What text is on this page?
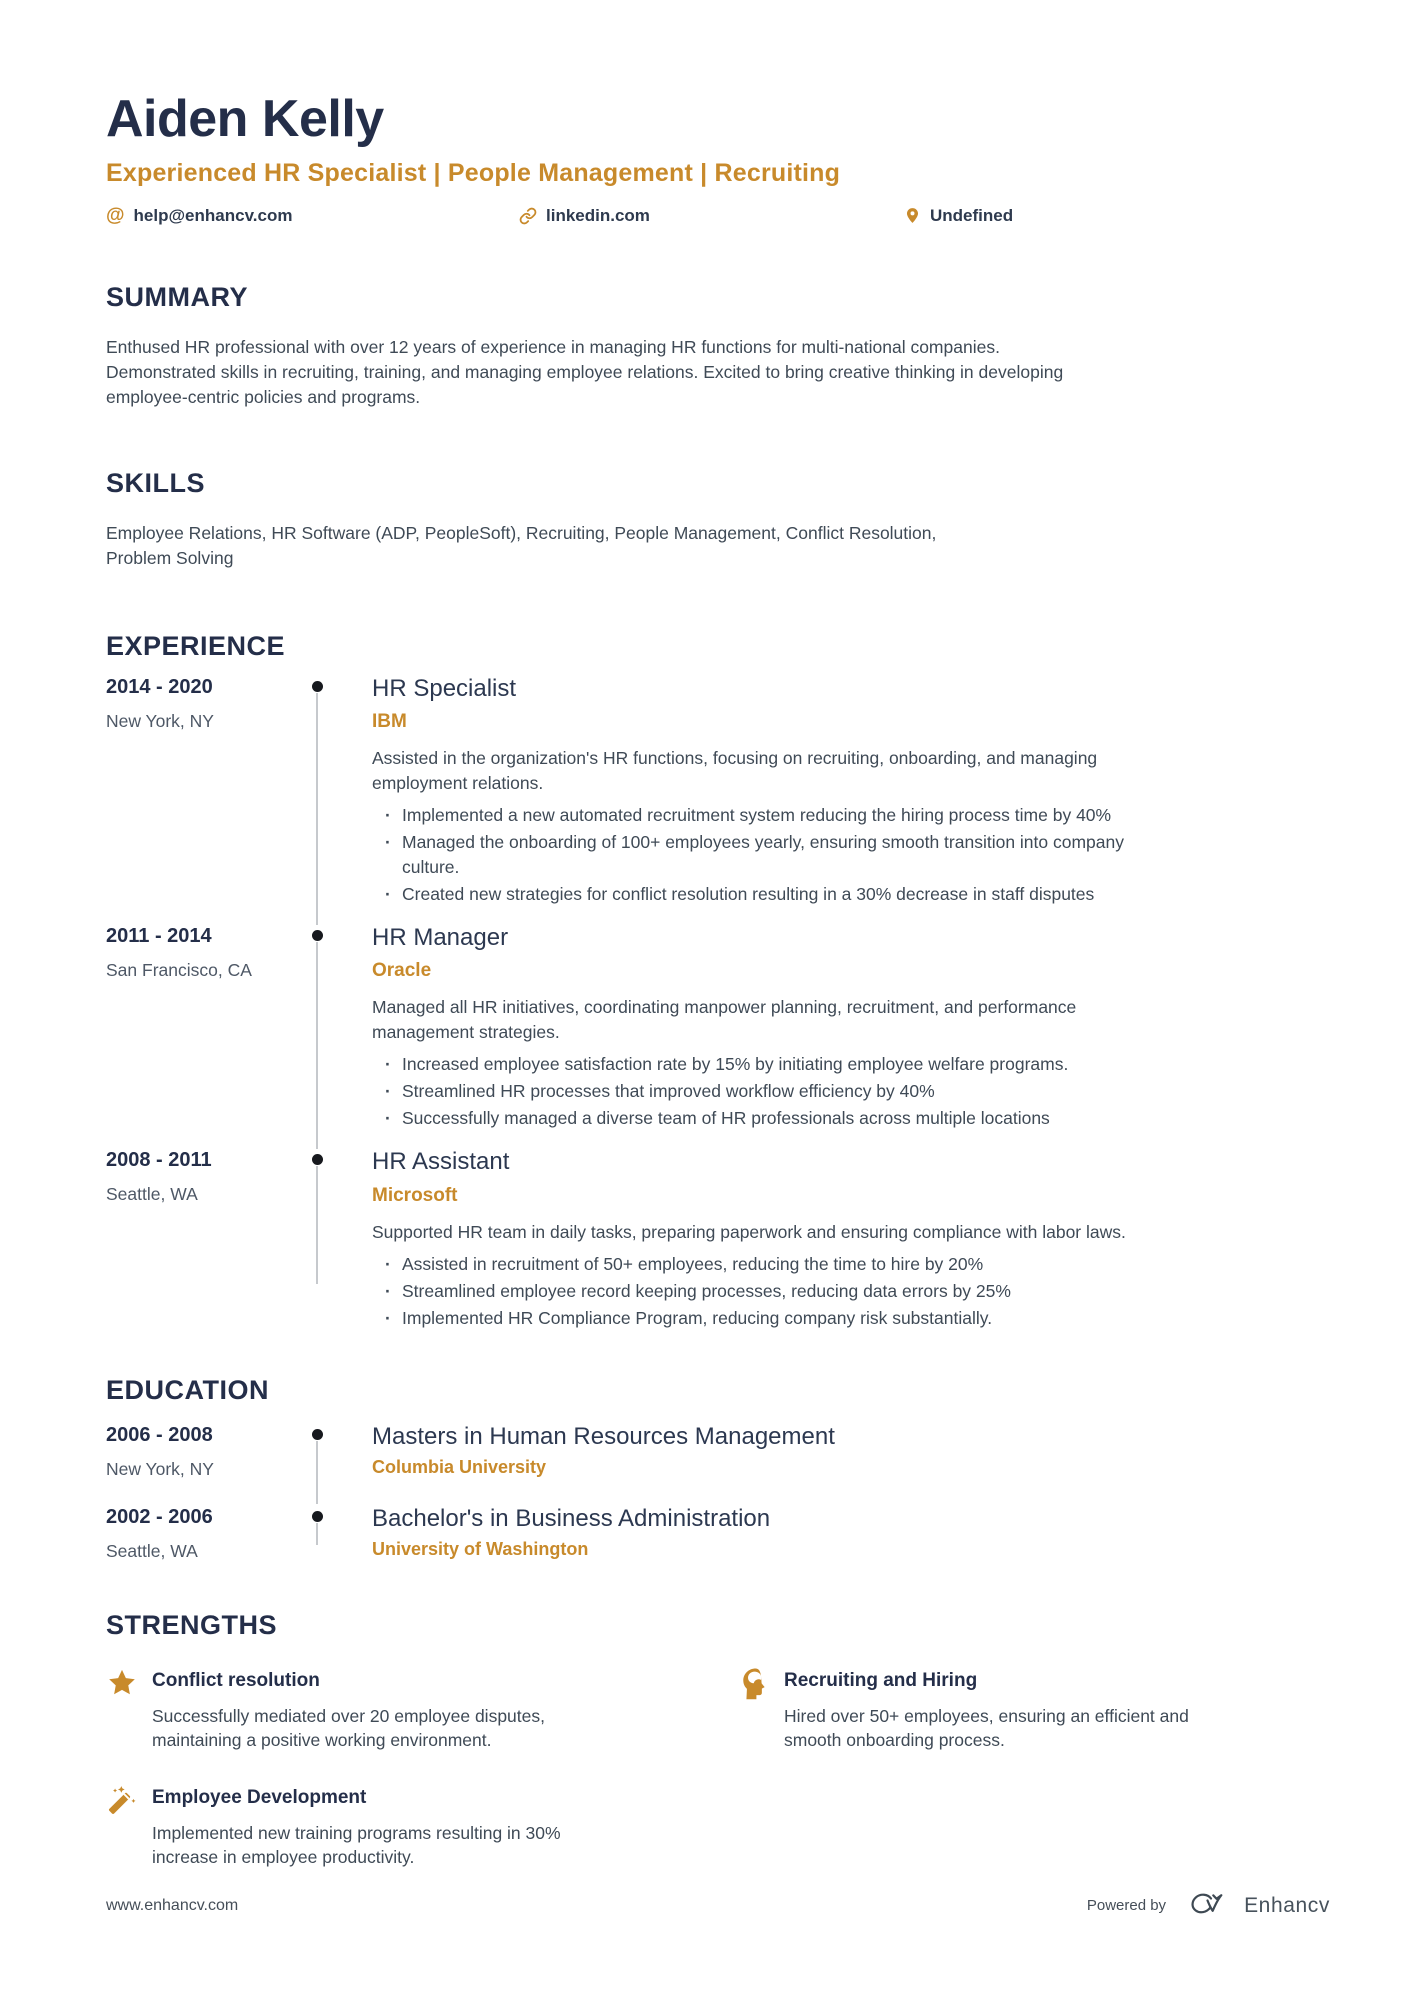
Aiden Kelly
Experienced HR Specialist | People Management | Recruiting
@ help@enhancv.com	linkedin.com	Undefined
SUMMARY

Enthused HR professional with over 12 years of experience in managing HR functions for multi-national companies. Demonstrated skills in recruiting, training, and managing employee relations. Excited to bring creative thinking in developing employee-centric policies and programs.

SKILLS

Employee Relations, HR Software (ADP, PeopleSoft), Recruiting, People Management, Conflict Resolution, Problem Solving

EXPERIENCE
2014 - 2020
New York, NY
HR Specialist
IBM

Assisted in the organization's HR functions, focusing on recruiting, onboarding, and managing employment relations.

· Implemented a new automated recruitment system reducing the hiring process time by 40%
· Managed the onboarding of 100+ employees yearly, ensuring smooth transition into company culture.
· Created new strategies for conflict resolution resulting in a 30% decrease in staff disputes
2011 - 2014
San Francisco, CA
HR Manager
Oracle

Managed all HR initiatives, coordinating manpower planning, recruitment, and performance management strategies.

· Increased employee satisfaction rate by 15% by initiating employee welfare programs.
· Streamlined HR processes that improved workflow efficiency by 40%
· Successfully managed a diverse team of HR professionals across multiple locations
2008 - 2011
Seattle, WA
HR Assistant
Microsoft

Supported HR team in daily tasks, preparing paperwork and ensuring compliance with labor laws.

· Assisted in recruitment of 50+ employees, reducing the time to hire by 20%
· Streamlined employee record keeping processes, reducing data errors by 25%
· Implemented HR Compliance Program, reducing company risk substantially.
EDUCATION
2006 - 2008
New York, NY
Masters in Human Resources Management
Columbia University
2002 - 2006
Seattle, WA
Bachelor's in Business Administration
University of Washington
STRENGTHS
Conflict resolution

Successfully mediated over 20 employee disputes, maintaining a positive working environment.

Recruiting and Hiring

Hired over 50+ employees, ensuring an efficient and smooth onboarding process.

Employee Development

Implemented new training programs resulting in 30% increase in employee productivity.

www.enhancv.com	Powered by	Enhancv
